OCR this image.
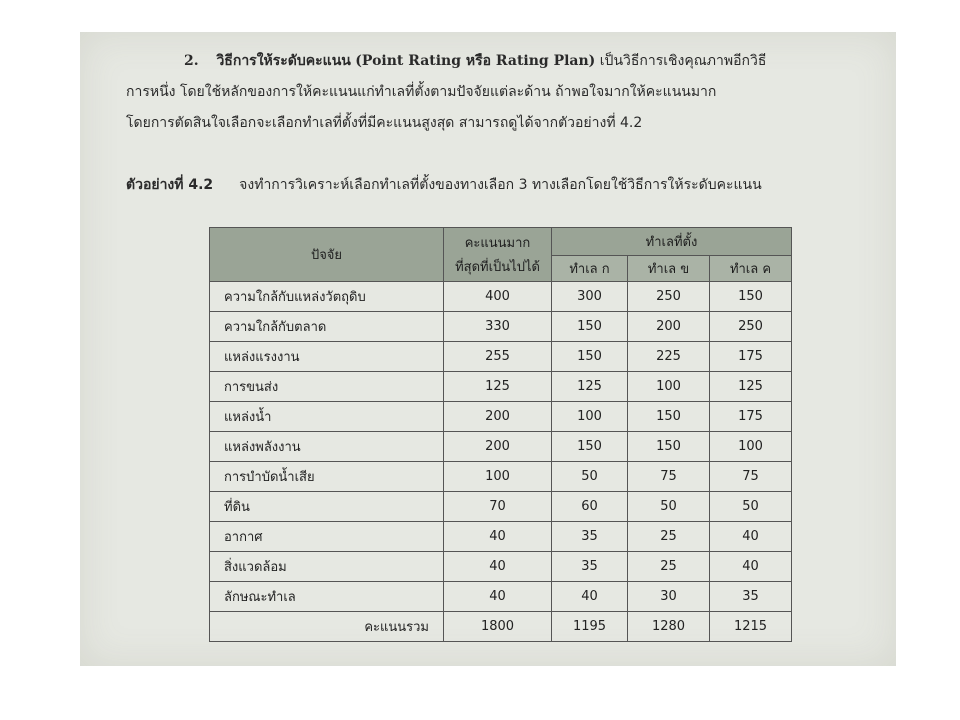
2. วิธีการให้ระดับคะแนน (Point Rating หรือ Rating Plan) เป็นวิธีการเชิงคุณภาพอีกวิธี
การหนึ่ง โดยใช้หลักของการให้คะแนนแก่ทำเลที่ตั้งตามปัจจัยแต่ละด้าน ถ้าพอใจมากให้คะแนนมาก
โดยการตัดสินใจเลือกจะเลือกทำเลที่ตั้งที่มีคะแนนสูงสุด สามารถดูได้จากตัวอย่างที่ 4.2
ตัวอย่างที่ 4.2 จงทำการวิเคราะห์เลือกทำเลที่ตั้งของทางเลือก 3 ทางเลือกโดยใช้วิธีการให้ระดับคะแนน
ปัจจัย	คะแนนมาก	ทำเลที่ตั้ง		
	ที่สุดที่เป็นไปได้	ทำเล ก	ทำเล ข	ทำเล ค
ความใกล้กับแหล่งวัตถุดิบ	400	300	250	150
ความใกล้กับตลาด	330	150	200	250
แหล่งแรงงาน	255	150	225	175
การขนส่ง	125	125	100	125
แหล่งน้ำ	200	100	150	175
แหล่งพลังงาน	200	150	150	100
การบำบัดน้ำเสีย	100	50	75	75
ที่ดิน	70	60	50	50
อากาศ	40	35	25	40
สิ่งแวดล้อม	40	35	25	40
ลักษณะทำเล	40	40	30	35
คะแนนรวม	1800	1195	1280	1215
